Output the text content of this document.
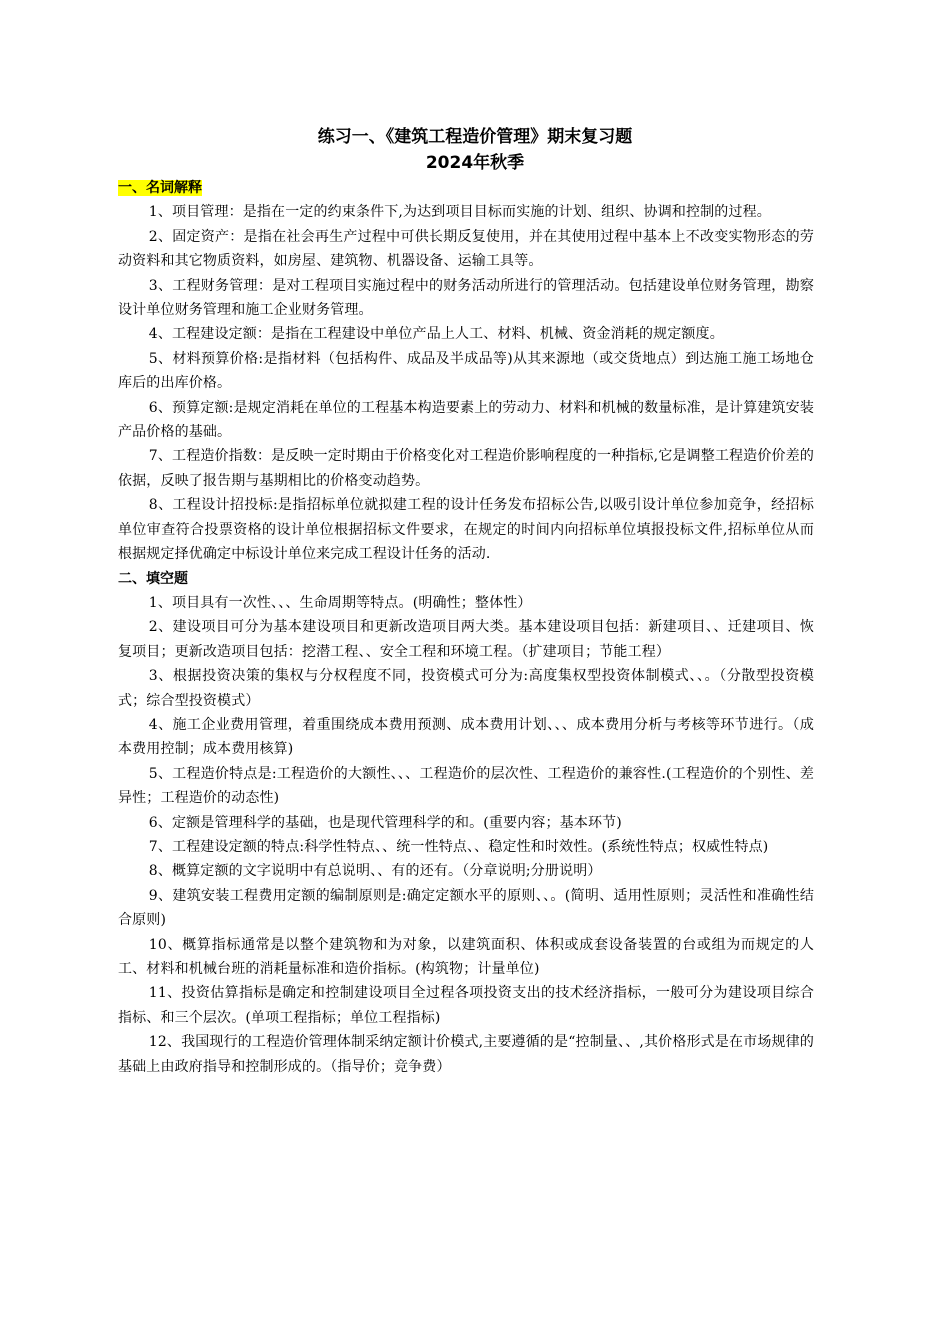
练习一、《建筑工程造价管理》期末复习题
2024年秋季
一、名词解释

1、项目管理：是指在一定的约束条件下,为达到项目目标而实施的计划、组织、协调和控制的过程。

2、固定资产：是指在社会再生产过程中可供长期反复使用，并在其使用过程中基本上不改变实物形态的劳动资料和其它物质资料，如房屋、建筑物、机器设备、运输工具等。

3、工程财务管理：是对工程项目实施过程中的财务活动所进行的管理活动。包括建设单位财务管理，勘察设计单位财务管理和施工企业财务管理。

4、工程建设定额：是指在工程建设中单位产品上人工、材料、机械、资金消耗的规定额度。

5、材料预算价格:是指材料（包括构件、成品及半成品等)从其来源地（或交货地点）到达施工施工场地仓库后的出库价格。

6、预算定额:是规定消耗在单位的工程基本构造要素上的劳动力、材料和机械的数量标准，是计算建筑安装产品价格的基础。

7、工程造价指数：是反映一定时期由于价格变化对工程造价影响程度的一种指标,它是调整工程造价价差的依据，反映了报告期与基期相比的价格变动趋势。

8、工程设计招投标:是指招标单位就拟建工程的设计任务发布招标公告,以吸引设计单位参加竞争，经招标单位审查符合投票资格的设计单位根据招标文件要求，在规定的时间内向招标单位填报投标文件,招标单位从而根据规定择优确定中标设计单位来完成工程设计任务的活动.

二、填空题

1、项目具有一次性、、、生命周期等特点。(明确性；整体性）

2、建设项目可分为基本建设项目和更新改造项目两大类。基本建设项目包括：新建项目、、迁建项目、恢复项目；更新改造项目包括：挖潜工程、、安全工程和环境工程。（扩建项目；节能工程）

3、根据投资决策的集权与分权程度不同，投资模式可分为:高度集权型投资体制模式、、。（分散型投资模式；综合型投资模式）

4、施工企业费用管理，着重围绕成本费用预测、成本费用计划、、、成本费用分析与考核等环节进行。（成本费用控制；成本费用核算)

5、工程造价特点是:工程造价的大额性、、、工程造价的层次性、工程造价的兼容性.(工程造价的个别性、差异性；工程造价的动态性)

6、定额是管理科学的基础，也是现代管理科学的和。(重要内容；基本环节)

7、工程建设定额的特点:科学性特点、、统一性特点、、稳定性和时效性。(系统性特点；权威性特点)

8、概算定额的文字说明中有总说明、、有的还有。（分章说明;分册说明）

9、建筑安装工程费用定额的编制原则是:确定定额水平的原则、、。(简明、适用性原则；灵活性和准确性结合原则)

10、概算指标通常是以整个建筑物和为对象，以建筑面积、体积或成套设备装置的台或组为而规定的人工、材料和机械台班的消耗量标准和造价指标。(构筑物；计量单位)

11、投资估算指标是确定和控制建设项目全过程各项投资支出的技术经济指标，一般可分为建设项目综合指标、和三个层次。(单项工程指标；单位工程指标)

12、我国现行的工程造价管理体制采纳定额计价模式,主要遵循的是“控制量、、,其价格形式是在市场规律的基础上由政府指导和控制形成的。（指导价；竞争费）
